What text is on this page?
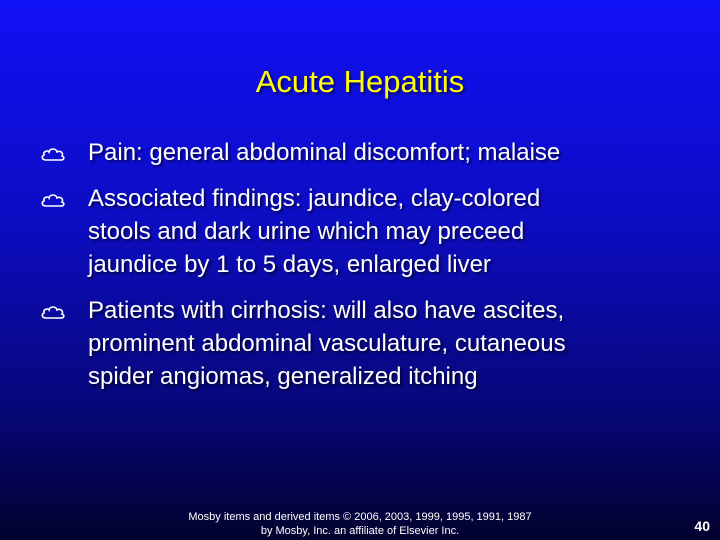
Acute Hepatitis
Pain: general abdominal discomfort; malaise
Associated findings: jaundice, clay-colored
stools and dark urine which may preceed
jaundice by 1 to 5 days, enlarged liver
Patients with cirrhosis: will also have ascites,
prominent abdominal vasculature, cutaneous
spider angiomas, generalized itching
Mosby items and derived items © 2006, 2003, 1999, 1995, 1991, 1987
by Mosby, Inc. an affiliate of Elsevier Inc.	40
